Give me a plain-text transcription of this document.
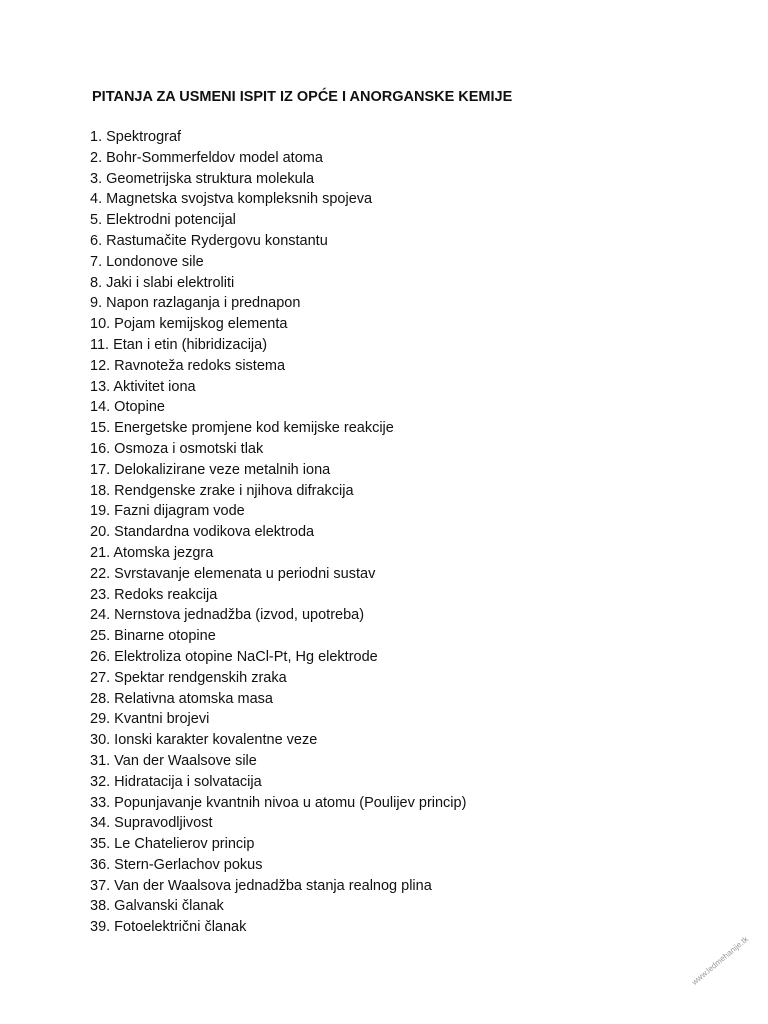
PITANJA ZA USMENI ISPIT IZ OPĆE I ANORGANSKE KEMIJE
1. Spektrograf
2. Bohr-Sommerfeldov model atoma
3. Geometrijska struktura molekula
4. Magnetska svojstva kompleksnih spojeva
5. Elektrodni potencijal
6. Rastumačite Rydergovu konstantu
7. Londonove sile
8. Jaki i slabi elektroliti
9. Napon razlaganja i prednapon
10. Pojam kemijskog elementa
11. Etan i etin (hibridizacija)
12. Ravnoteža redoks sistema
13. Aktivitet iona
14. Otopine
15. Energetske promjene kod kemijske reakcije
16. Osmoza i osmotski tlak
17. Delokalizirane veze metalnih iona
18. Rendgenske zrake i njihova difrakcija
19. Fazni dijagram vode
20. Standardna vodikova elektroda
21. Atomska jezgra
22. Svrstavanje elemenata u periodni sustav
23. Redoks reakcija
24. Nernstova jednadžba (izvod, upotreba)
25. Binarne otopine
26. Elektroliza otopine NaCl-Pt, Hg elektrode
27. Spektar rendgenskih zraka
28. Relativna atomska masa
29. Kvantni brojevi
30. Ionski karakter kovalentne veze
31. Van der Waalsove sile
32. Hidratacija i solvatacija
33. Popunjavanje kvantnih nivoa u atomu (Poulijev princip)
34. Supravodljivost
35. Le Chatelierov princip
36. Stern-Gerlachov pokus
37. Van der Waalsova jednadžba stanja realnog plina
38. Galvanski članak
39. Fotoelektrični članak
www.ledmehanije.tk
